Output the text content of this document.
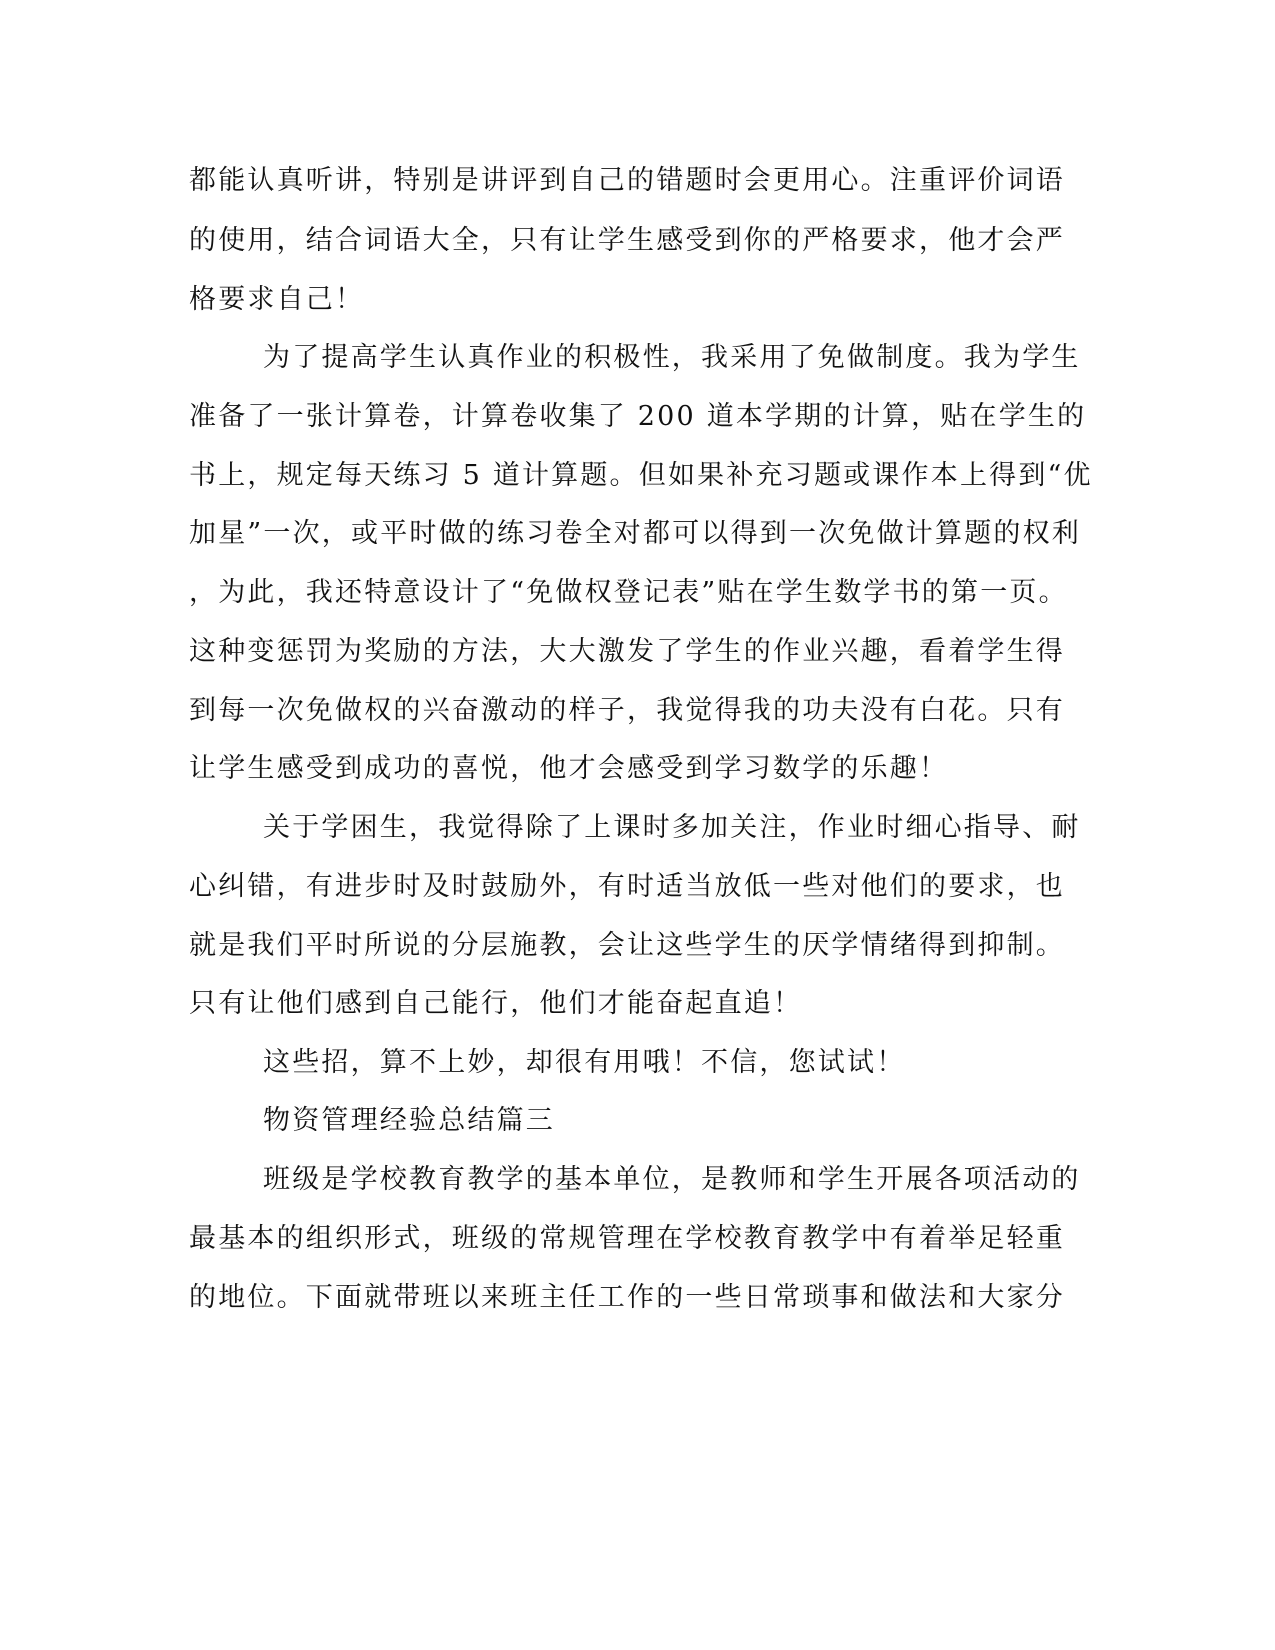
都能认真听讲，特别是讲评到自己的错题时会更用心。注重评价词语
的使用，结合词语大全，只有让学生感受到你的严格要求，他才会严
格要求自己！
为了提高学生认真作业的积极性，我采用了免做制度。我为学生
准备了一张计算卷，计算卷收集了 200 道本学期的计算，贴在学生的
书上，规定每天练习 5 道计算题。但如果补充习题或课作本上得到“优
加星”一次，或平时做的练习卷全对都可以得到一次免做计算题的权利
，为此，我还特意设计了“免做权登记表”贴在学生数学书的第一页。
这种变惩罚为奖励的方法，大大激发了学生的作业兴趣，看着学生得
到每一次免做权的兴奋激动的样子，我觉得我的功夫没有白花。只有
让学生感受到成功的喜悦，他才会感受到学习数学的乐趣！
关于学困生，我觉得除了上课时多加关注，作业时细心指导、耐
心纠错，有进步时及时鼓励外，有时适当放低一些对他们的要求，也
就是我们平时所说的分层施教，会让这些学生的厌学情绪得到抑制。
只有让他们感到自己能行，他们才能奋起直追！
这些招，算不上妙，却很有用哦！不信，您试试！
物资管理经验总结篇三
班级是学校教育教学的基本单位，是教师和学生开展各项活动的
最基本的组织形式，班级的常规管理在学校教育教学中有着举足轻重
的地位。下面就带班以来班主任工作的一些日常琐事和做法和大家分
